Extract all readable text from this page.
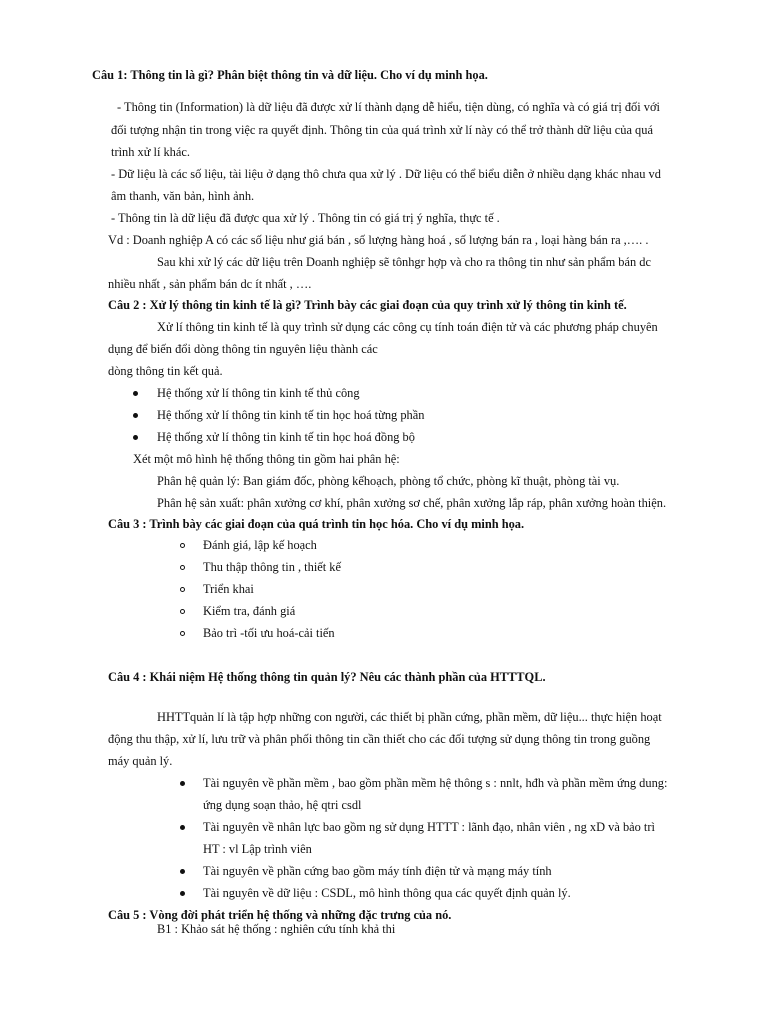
Câu 1: Thông tin là gì? Phân biệt thông tin và dữ liệu. Cho ví dụ minh họa.
- Thông tin (Information) là dữ liệu đã được xử lí thành dạng dễ hiểu, tiện dùng, có nghĩa và có giá trị đối với
đối tượng nhận tin trong việc ra quyết định. Thông tin của quá trình xử lí này có thể trở thành dữ liệu của quá
trình xử lí khác.
- Dữ liệu là các số liệu, tài liệu ở dạng thô chưa qua xử lý . Dữ liệu có thể biểu diễn ở nhiều dạng khác nhau vd
âm thanh, văn bản, hình ảnh.
- Thông tin là dữ liệu đã được qua xử lý . Thông tin có giá trị ý nghĩa, thực tế .
Vd : Doanh nghiệp A có các số liệu như giá bán , số lượng hàng hoá , số lượng bán ra , loại hàng bán ra ,…. .
Sau khi xử lý các dữ liệu trên Doanh nghiệp sẽ tônhgr hợp và cho ra thông tin như sản phẩm bán dc
nhiều nhất , sản phẩm bán dc ít nhất , ….
Câu 2 : Xử lý thông tin kinh tế là gì? Trình bày các giai đoạn của quy trình xử lý thông tin kinh tế.
Xử lí thông tin kinh tế là quy trình sử dụng các công cụ tính toán điện tử và các phương pháp chuyên
dụng để biến đổi dòng thông tin nguyên liệu thành các
dòng thông tin kết quả.
Hệ thống xử lí thông tin kinh tế thủ công
Hệ thống xử lí thông tin kinh tế tin học hoá từng phần
Hệ thống xử lí thông tin kinh tế tin học hoá đồng bộ
Xét một mô hình hệ thống thông tin gồm hai phân hệ:
Phân hệ quản lý: Ban giám đốc, phòng kếhoạch, phòng tổ chức, phòng kĩ thuật, phòng tài vụ.
Phân hệ sản xuất: phân xưởng cơ khí, phân xưởng sơ chế, phân xưởng lắp ráp, phân xưởng hoàn thiện.
Câu 3 : Trình bày các giai đoạn của quá trình tin học hóa. Cho ví dụ minh họa.
Đánh giá, lập kế hoạch
Thu thập thông tin , thiết kế
Triển khai
Kiểm tra, đánh giá
Bảo trì -tối ưu hoá-cải tiến
Câu 4 : Khái niệm Hệ thống thông tin quản lý? Nêu các thành phần của HTTTQL.
HHTTquản lí là tập hợp những con người, các thiết bị phần cứng, phần mềm, dữ liệu... thực hiện hoạt
động thu thập, xử lí, lưu trữ và phân phối thông tin cần thiết cho các đối tượng sử dụng thông tin trong guồng
máy quản lý.
Tài nguyên về phần mềm , bao gồm phần mềm hệ thông s : nnlt, hđh và phần mềm ứng dung:
ứng dụng soạn thảo, hệ qtri csdl
Tài nguyên về nhân lực bao gồm ng sử dụng HTTT : lãnh đạo, nhân viên , ng xD và bảo trì
HT : vl Lập trình viên
Tài nguyên về phần cứng bao gồm máy tính điện tử và mạng máy tính
Tài nguyên về dữ liệu : CSDL, mô hình thông qua các quyết định quản lý.
Câu 5 : Vòng đời phát triển hệ thống và những đặc trưng của nó.
B1 : Khảo sát hệ thống : nghiên cứu tính khả thi
